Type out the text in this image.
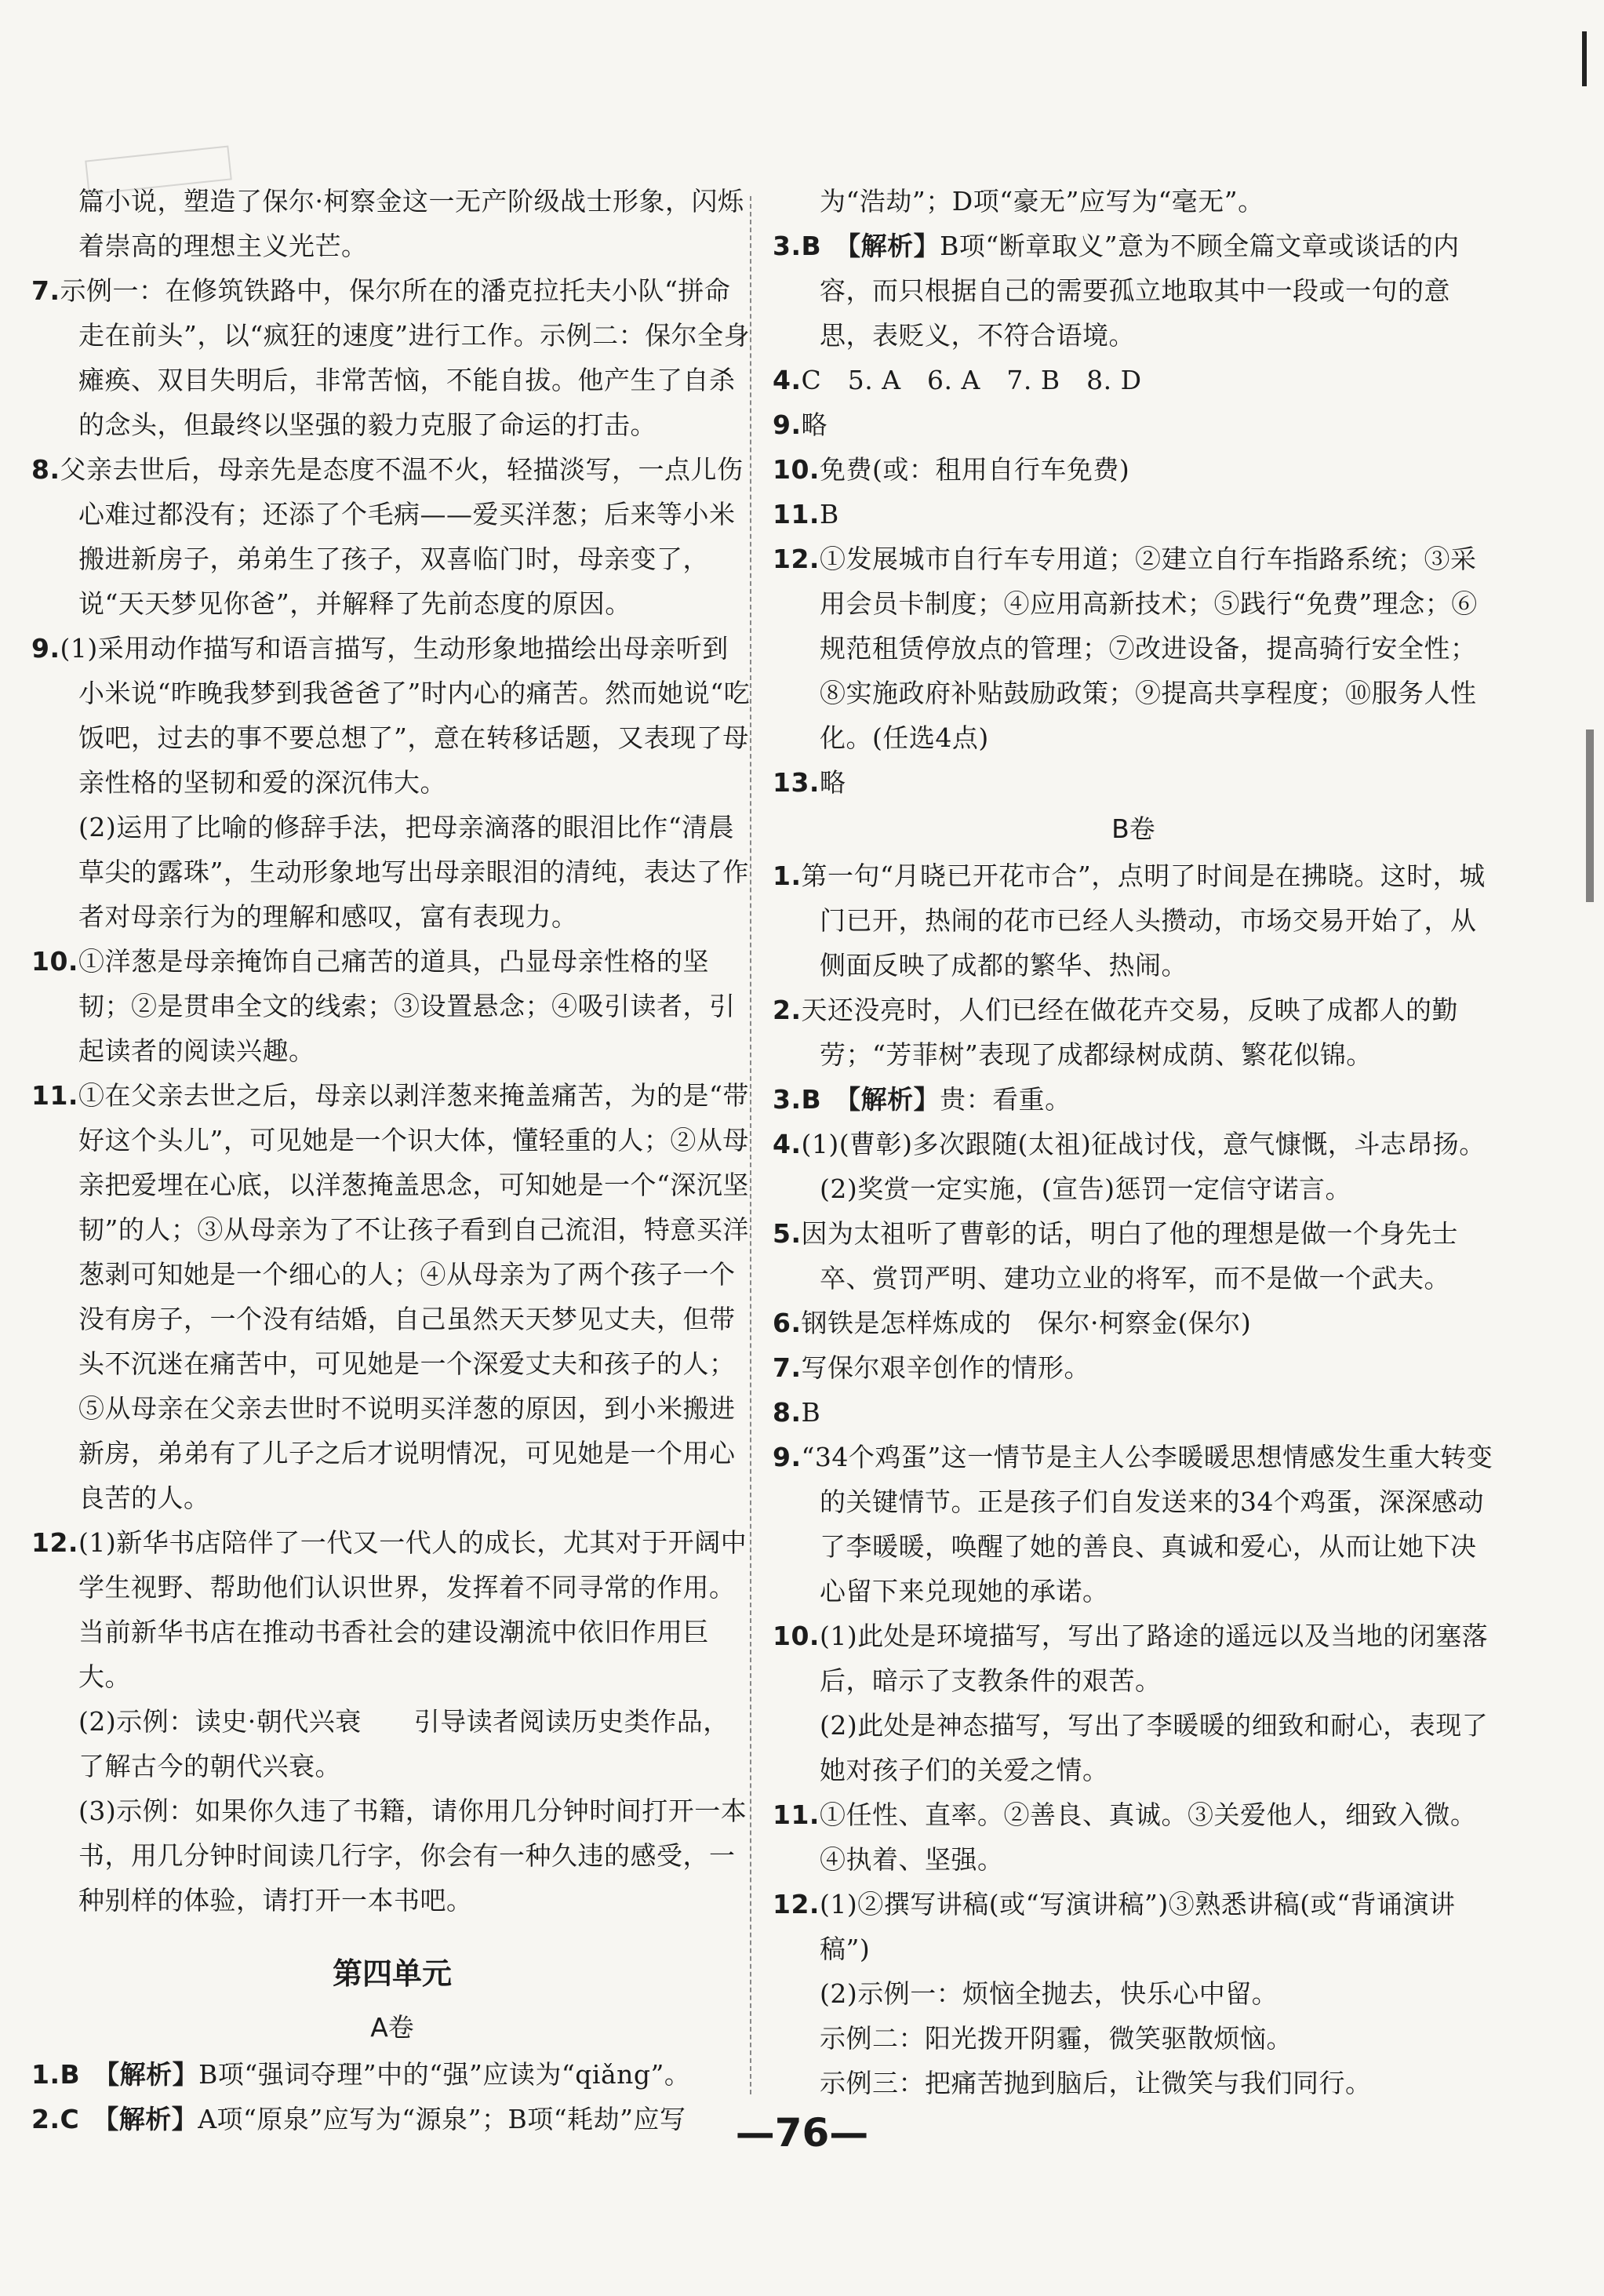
篇小说，塑造了保尔·柯察金这一无产阶级战士形象，闪烁着崇高的理想主义光芒。

7.示例一：在修筑铁路中，保尔所在的潘克拉托夫小队“拼命走在前头”，以“疯狂的速度”进行工作。示例二：保尔全身瘫痪、双目失明后，非常苦恼，不能自拔。他产生了自杀的念头，但最终以坚强的毅力克服了命运的打击。

8.父亲去世后，母亲先是态度不温不火，轻描淡写，一点儿伤心难过都没有；还添了个毛病——爱买洋葱；后来等小米搬进新房子，弟弟生了孩子，双喜临门时，母亲变了，说“天天梦见你爸”，并解释了先前态度的原因。

9.(1)采用动作描写和语言描写，生动形象地描绘出母亲听到小米说“昨晚我梦到我爸爸了”时内心的痛苦。然而她说“吃饭吧，过去的事不要总想了”，意在转移话题，又表现了母亲性格的坚韧和爱的深沉伟大。

(2)运用了比喻的修辞手法，把母亲滴落的眼泪比作“清晨草尖的露珠”，生动形象地写出母亲眼泪的清纯，表达了作者对母亲行为的理解和感叹，富有表现力。

10.①洋葱是母亲掩饰自己痛苦的道具，凸显母亲性格的坚韧；②是贯串全文的线索；③设置悬念；④吸引读者，引起读者的阅读兴趣。

11.①在父亲去世之后，母亲以剥洋葱来掩盖痛苦，为的是“带好这个头儿”，可见她是一个识大体，懂轻重的人；②从母亲把爱埋在心底，以洋葱掩盖思念，可知她是一个“深沉坚韧”的人；③从母亲为了不让孩子看到自己流泪，特意买洋葱剥可知她是一个细心的人；④从母亲为了两个孩子一个没有房子，一个没有结婚，自己虽然天天梦见丈夫，但带头不沉迷在痛苦中，可见她是一个深爱丈夫和孩子的人；⑤从母亲在父亲去世时不说明买洋葱的原因，到小米搬进新房，弟弟有了儿子之后才说明情况，可见她是一个用心良苦的人。

12.(1)新华书店陪伴了一代又一代人的成长，尤其对于开阔中学生视野、帮助他们认识世界，发挥着不同寻常的作用。当前新华书店在推动书香社会的建设潮流中依旧作用巨大。

(2)示例：读史·朝代兴衰　　引导读者阅读历史类作品，了解古今的朝代兴衰。

(3)示例：如果你久违了书籍，请你用几分钟时间打开一本书，用几分钟时间读几行字，你会有一种久违的感受，一种别样的体验，请打开一本书吧。

第四单元
A卷

1.B　【解析】B项“强词夺理”中的“强”应读为“qiǎng”。

2.C　【解析】A项“原泉”应写为“源泉”；B项“耗劫”应写

为“浩劫”；D项“豪无”应写为“毫无”。

3.B　【解析】B项“断章取义”意为不顾全篇文章或谈话的内容，而只根据自己的需要孤立地取其中一段或一句的意思，表贬义，不符合语境。

4.C　5. A　6. A　7. B　8. D

9.略

10.免费(或：租用自行车免费)

11.B

12.①发展城市自行车专用道；②建立自行车指路系统；③采用会员卡制度；④应用高新技术；⑤践行“免费”理念；⑥规范租赁停放点的管理；⑦改进设备，提高骑行安全性；⑧实施政府补贴鼓励政策；⑨提高共享程度；⑩服务人性化。(任选4点)

13.略

B卷

1.第一句“月晓已开花市合”，点明了时间是在拂晓。这时，城门已开，热闹的花市已经人头攒动，市场交易开始了，从侧面反映了成都的繁华、热闹。

2.天还没亮时，人们已经在做花卉交易，反映了成都人的勤劳；“芳菲树”表现了成都绿树成荫、繁花似锦。

3.B　【解析】贵：看重。

4.(1)(曹彰)多次跟随(太祖)征战讨伐，意气慷慨，斗志昂扬。

(2)奖赏一定实施，(宣告)惩罚一定信守诺言。

5.因为太祖听了曹彰的话，明白了他的理想是做一个身先士卒、赏罚严明、建功立业的将军，而不是做一个武夫。

6.钢铁是怎样炼成的　保尔·柯察金(保尔)

7.写保尔艰辛创作的情形。

8.B

9.“34个鸡蛋”这一情节是主人公李暖暖思想情感发生重大转变的关键情节。正是孩子们自发送来的34个鸡蛋，深深感动了李暖暖，唤醒了她的善良、真诚和爱心，从而让她下决心留下来兑现她的承诺。

10.(1)此处是环境描写，写出了路途的遥远以及当地的闭塞落后，暗示了支教条件的艰苦。

(2)此处是神态描写，写出了李暖暖的细致和耐心，表现了她对孩子们的关爱之情。

11.①任性、直率。②善良、真诚。③关爱他人，细致入微。④执着、坚强。

12.(1)②撰写讲稿(或“写演讲稿”)③熟悉讲稿(或“背诵演讲稿”)

(2)示例一：烦恼全抛去，快乐心中留。

示例二：阳光拨开阴霾，微笑驱散烦恼。

示例三：把痛苦抛到脑后，让微笑与我们同行。

—76—
